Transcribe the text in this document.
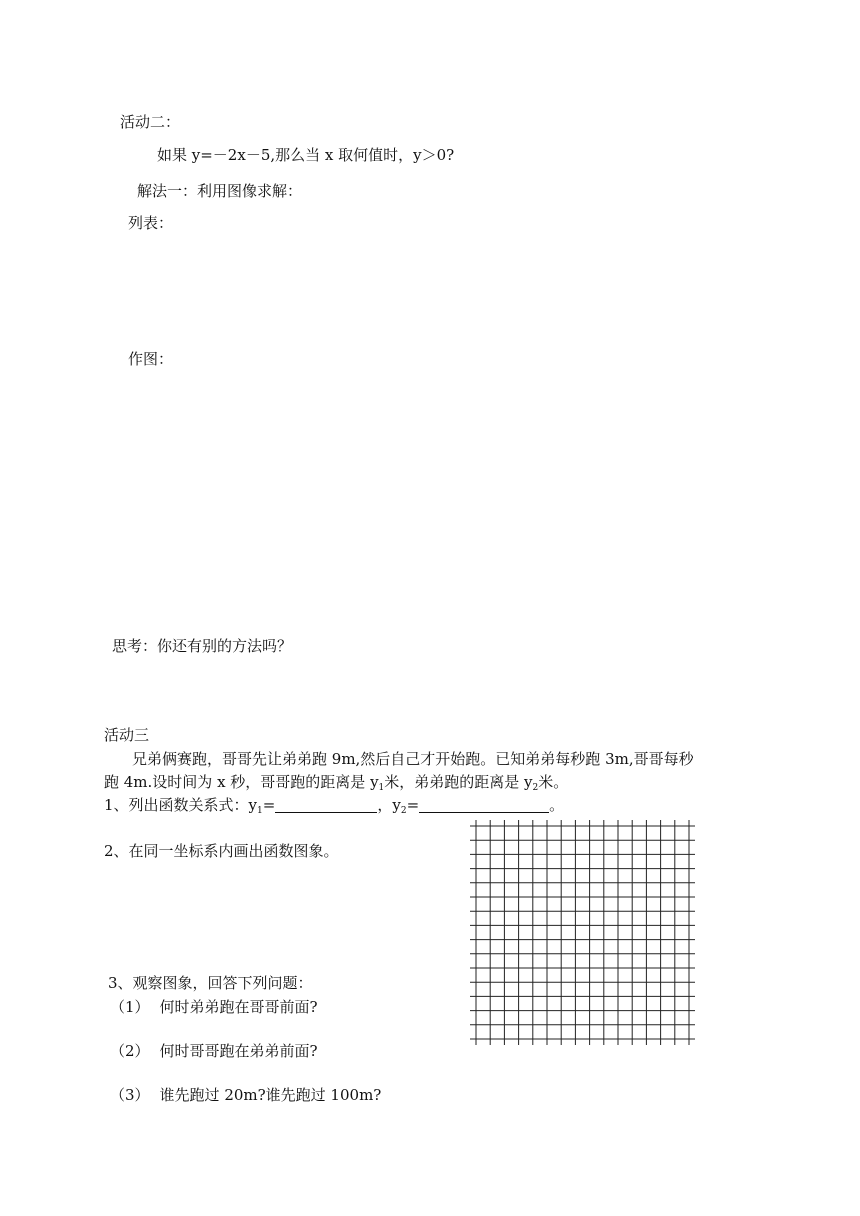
活动二：
如果 y=－2x－5,那么当 x 取何值时，y＞0?
解法一：利用图像求解：
列表：
作图：
思考：你还有别的方法吗？
活动三
兄弟俩赛跑，哥哥先让弟弟跑 9m,然后自己才开始跑。已知弟弟每秒跑 3m,哥哥每秒
跑 4m.设时间为 x 秒，哥哥跑的距离是 $y_1$米，弟弟跑的距离是 $y_2$米。
1、列出函数关系式：$y_1=$	，$y_2=$	。
2、在同一坐标系内画出函数图象。
3、观察图象，回答下列问题：
（1） 何时弟弟跑在哥哥前面?
（2） 何时哥哥跑在弟弟前面?
（3） 谁先跑过 20m?谁先跑过 100m?
